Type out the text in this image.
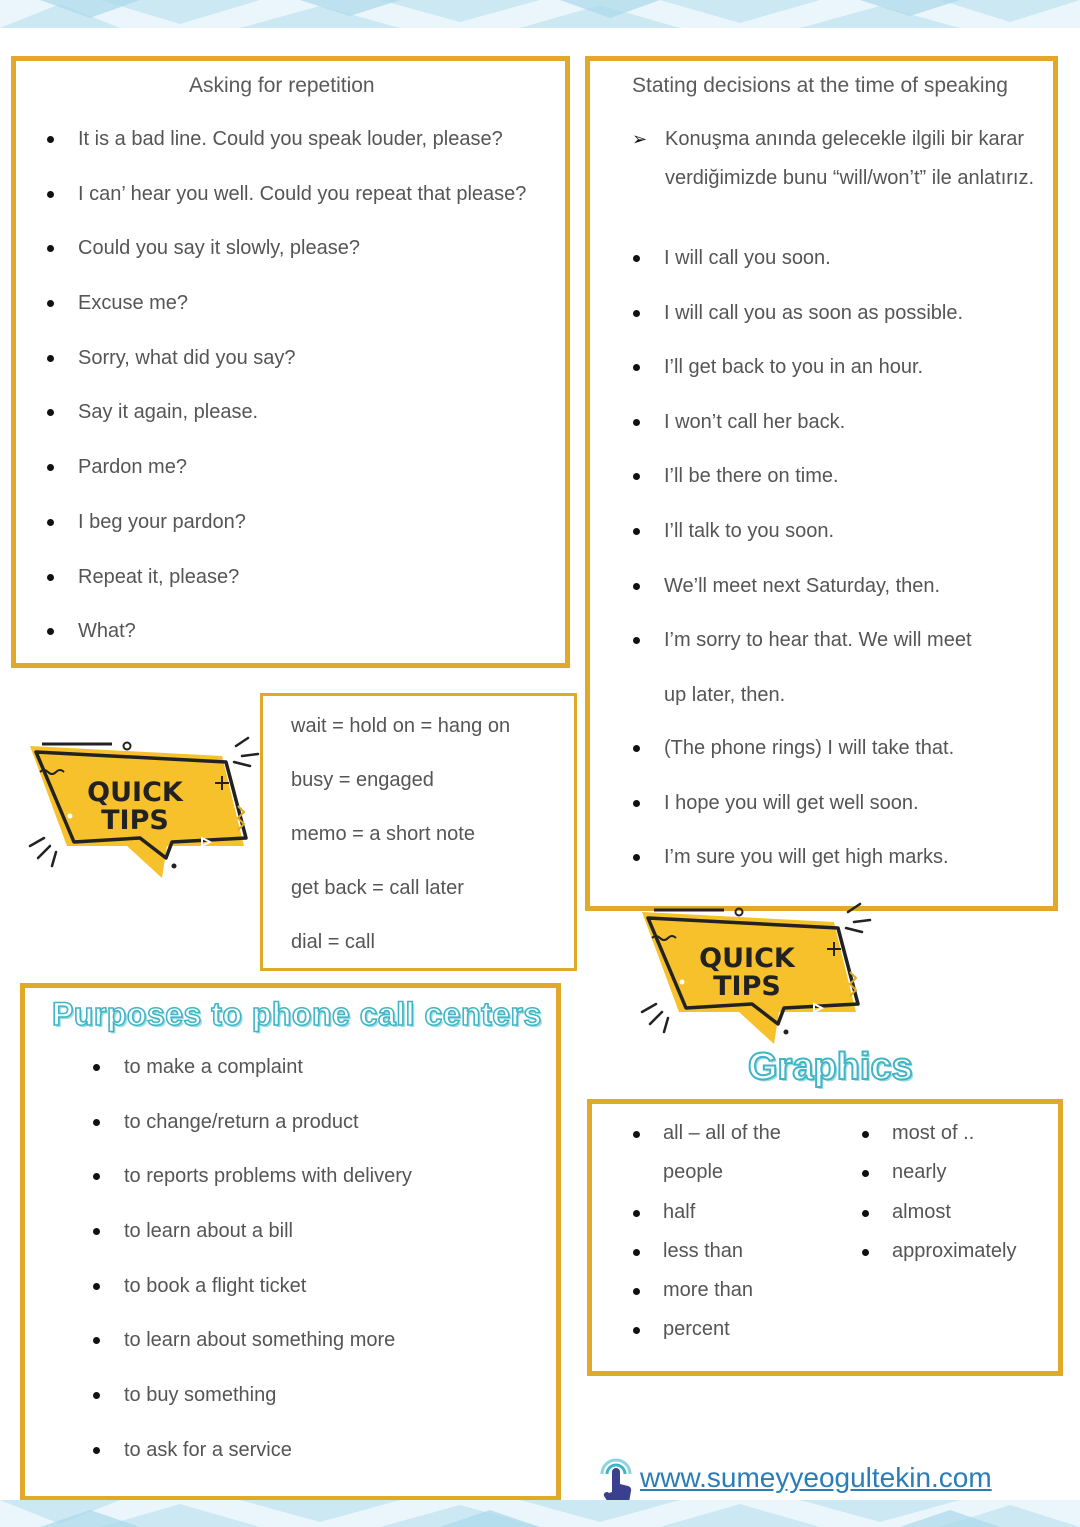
Asking for repetition
It is a bad line. Could you speak louder, please?
I can’ hear you well. Could you repeat that please?
Could you say it slowly, please?
Excuse me?
Sorry, what did you say?
Say it again, please.
Pardon me?
I beg your pardon?
Repeat it, please?
What?
Stating decisions at the time of speaking
➢ Konuşma anında gelecekle ilgili bir karar verdiğimizde bunu “will/won’t” ile anlatırız.
I will call you soon.
I will call you as soon as possible.
I’ll get back to you in an hour.
I won’t call her back.
I’ll be there on time.
I’ll talk to you soon.
We’ll meet next Saturday, then.
I’m sorry to hear that. We will meet up later, then.
(The phone rings) I will take that.
I hope you will get well soon.
I’m sure you will get high marks.
QUICK
TIPS
wait = hold on = hang on
busy = engaged
memo = a short note
get back = call later
dial = call
Purposes to phone call centers
to make a complaint
to change/return a product
to reports problems with delivery
to learn about a bill
to book a flight ticket
to learn about something more
to buy something
to ask for a service
QUICK
TIPS
Graphics
all – all of the
people
half
less than
more than
percent
most of ..
nearly
almost
approximately
www.sumeyyeogultekin.com
